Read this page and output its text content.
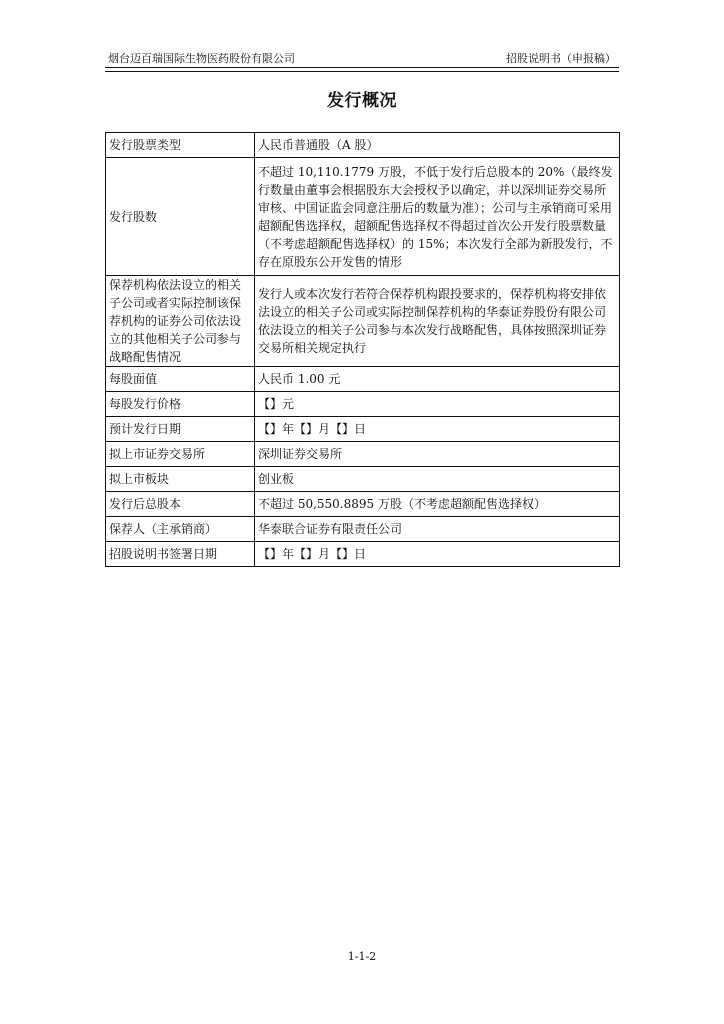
烟台迈百瑞国际生物医药股份有限公司	招股说明书（申报稿）
发行概况
发行股票类型	人民币普通股（A 股）
发行股数	不超过 10,110.1779 万股，不低于发行后总股本的 20%（最终发行数量由董事会根据股东大会授权予以确定，并以深圳证券交易所审核、中国证监会同意注册后的数量为准）；公司与主承销商可采用超额配售选择权，超额配售选择权不得超过首次公开发行股票数量（不考虑超额配售选择权）的 15%；本次发行全部为新股发行，不存在原股东公开发售的情形
保荐机构依法设立的相关子公司或者实际控制该保荐机构的证券公司依法设立的其他相关子公司参与战略配售情况	发行人或本次发行若符合保荐机构跟投要求的，保荐机构将安排依法设立的相关子公司或实际控制保荐机构的华泰证券股份有限公司依法设立的相关子公司参与本次发行战略配售，具体按照深圳证券交易所相关规定执行
每股面值	人民币 1.00 元
每股发行价格	【】元
预计发行日期	【】年【】月【】日
拟上市证券交易所	深圳证券交易所
拟上市板块	创业板
发行后总股本	不超过 50,550.8895 万股（不考虑超额配售选择权）
保荐人（主承销商）	华泰联合证券有限责任公司
招股说明书签署日期	【】年【】月【】日
1-1-2
